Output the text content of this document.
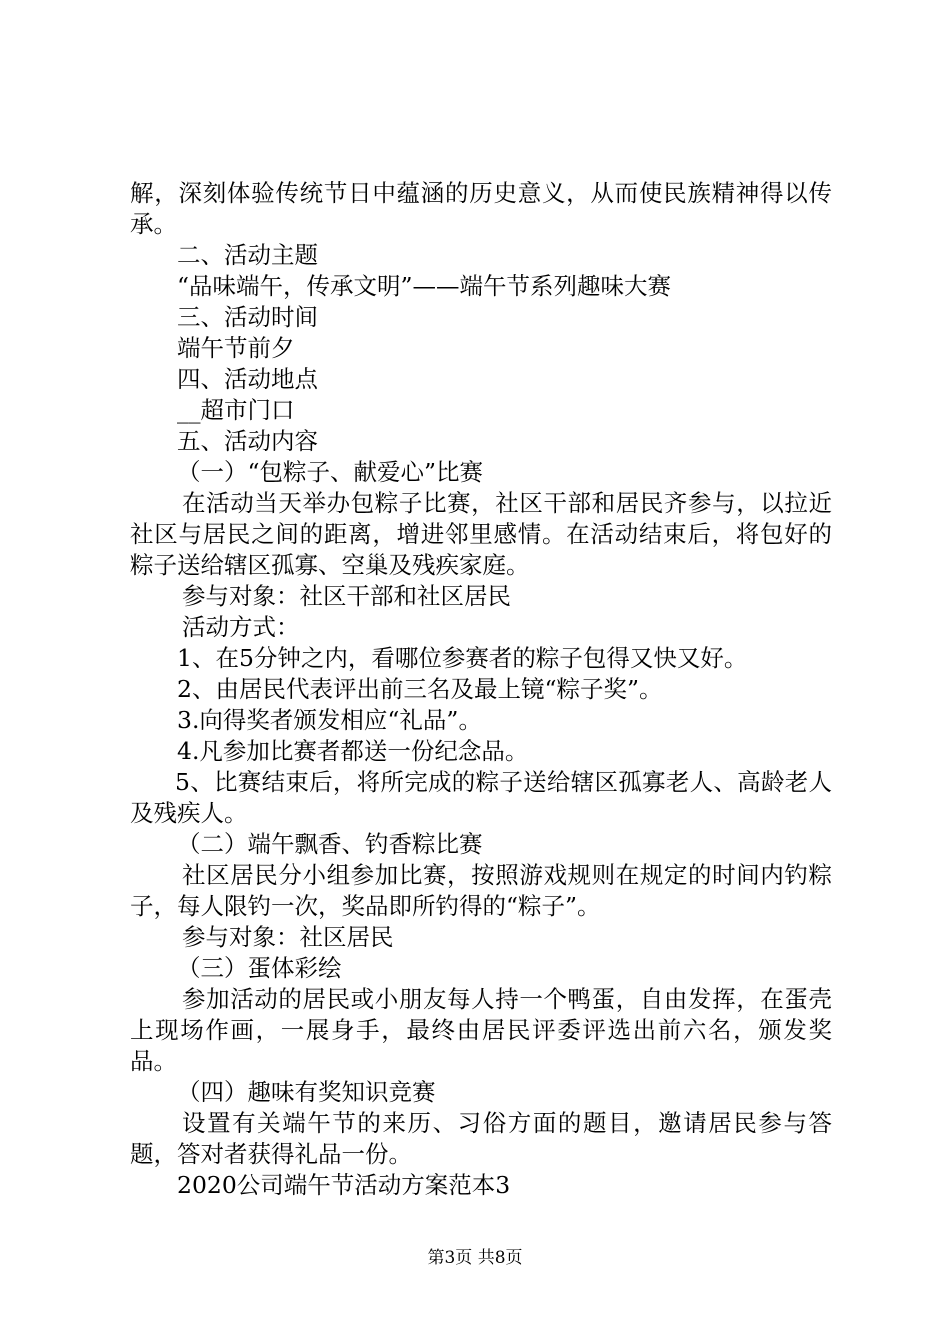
解，深刻体验传统节日中蕴涵的历史意义，从而使民族精神得以传承。
二、活动主题
“品味端午，传承文明”——端午节系列趣味大赛
三、活动时间
端午节前夕
四、活动地点
__超市门口
五、活动内容
（一）“包粽子、献爱心”比赛
在活动当天举办包粽子比赛，社区干部和居民齐参与，以拉近社区与居民之间的距离，增进邻里感情。在活动结束后，将包好的粽子送给辖区孤寡、空巢及残疾家庭。
参与对象：社区干部和社区居民
活动方式：
1、在5分钟之内，看哪位参赛者的粽子包得又快又好。
2、由居民代表评出前三名及最上镜“粽子奖”。
3.向得奖者颁发相应“礼品”。
4.凡参加比赛者都送一份纪念品。
5、比赛结束后，将所完成的粽子送给辖区孤寡老人、高龄老人及残疾人。
（二）端午飘香、钓香粽比赛
社区居民分小组参加比赛，按照游戏规则在规定的时间内钓粽子，每人限钓一次，奖品即所钓得的“粽子”。
参与对象：社区居民
（三）蛋体彩绘
参加活动的居民或小朋友每人持一个鸭蛋，自由发挥，在蛋壳上现场作画，一展身手，最终由居民评委评选出前六名，颁发奖品。
（四）趣味有奖知识竞赛
设置有关端午节的来历、习俗方面的题目，邀请居民参与答题，答对者获得礼品一份。
2020公司端午节活动方案范本3
第3页 共8页
